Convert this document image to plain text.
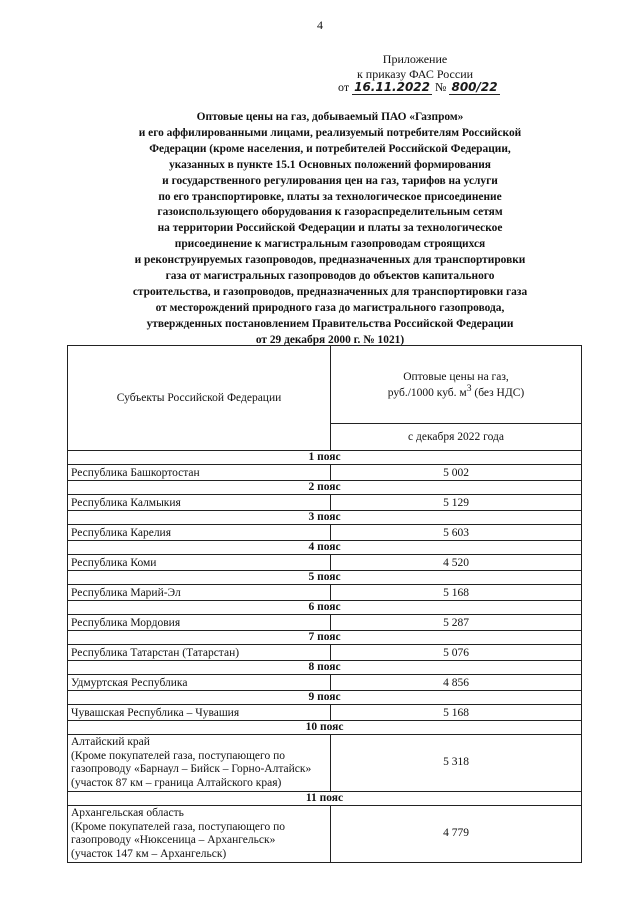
4
Приложение
к приказу ФАС России
от 16.11.2022 № 800/22
Оптовые цены на газ, добываемый ПАО «Газпром»
и его аффилированными лицами, реализуемый потребителям Российской
Федерации (кроме населения, и потребителей Российской Федерации,
указанных в пункте 15.1 Основных положений формирования
и государственного регулирования цен на газ, тарифов на услуги
по его транспортировке, платы за технологическое присоединение
газоиспользующего оборудования к газораспределительным сетям
на территории Российской Федерации и платы за технологическое
присоединение к магистральным газопроводам строящихся
и реконструируемых газопроводов, предназначенных для транспортировки
газа от магистральных газопроводов до объектов капитального
строительства, и газопроводов, предназначенных для транспортировки газа
от месторождений природного газа до магистрального газопровода,
утвержденных постановлением Правительства Российской Федерации
от 29 декабря 2000 г. № 1021)
Субъекты Российской Федерации	Оптовые цены на газ,
руб./1000 куб. $м^3$ (без НДС)
	с декабря 2022 года
1 пояс	
Республика Башкортостан	5 002
2 пояс	
Республика Калмыкия	5 129
3 пояс	
Республика Карелия	5 603
4 пояс	
Республика Коми	4 520
5 пояс	
Республика Марий-Эл	5 168
6 пояс	
Республика Мордовия	5 287
7 пояс	
Республика Татарстан (Татарстан)	5 076
8 пояс	
Удмуртская Республика	4 856
9 пояс	
Чувашская Республика – Чувашия	5 168
10 пояс	

Алтайский край
(Кроме покупателей газа, поступающего по
газопроводу «Барнаул – Бийск – Горно-Алтайск»
(участок 87 км – граница Алтайского края)	5 318
11 пояс	

Архангельская область
(Кроме покупателей газа, поступающего по
газопроводу «Нюксеница – Архангельск»
(участок 147 км – Архангельск)	4 779
